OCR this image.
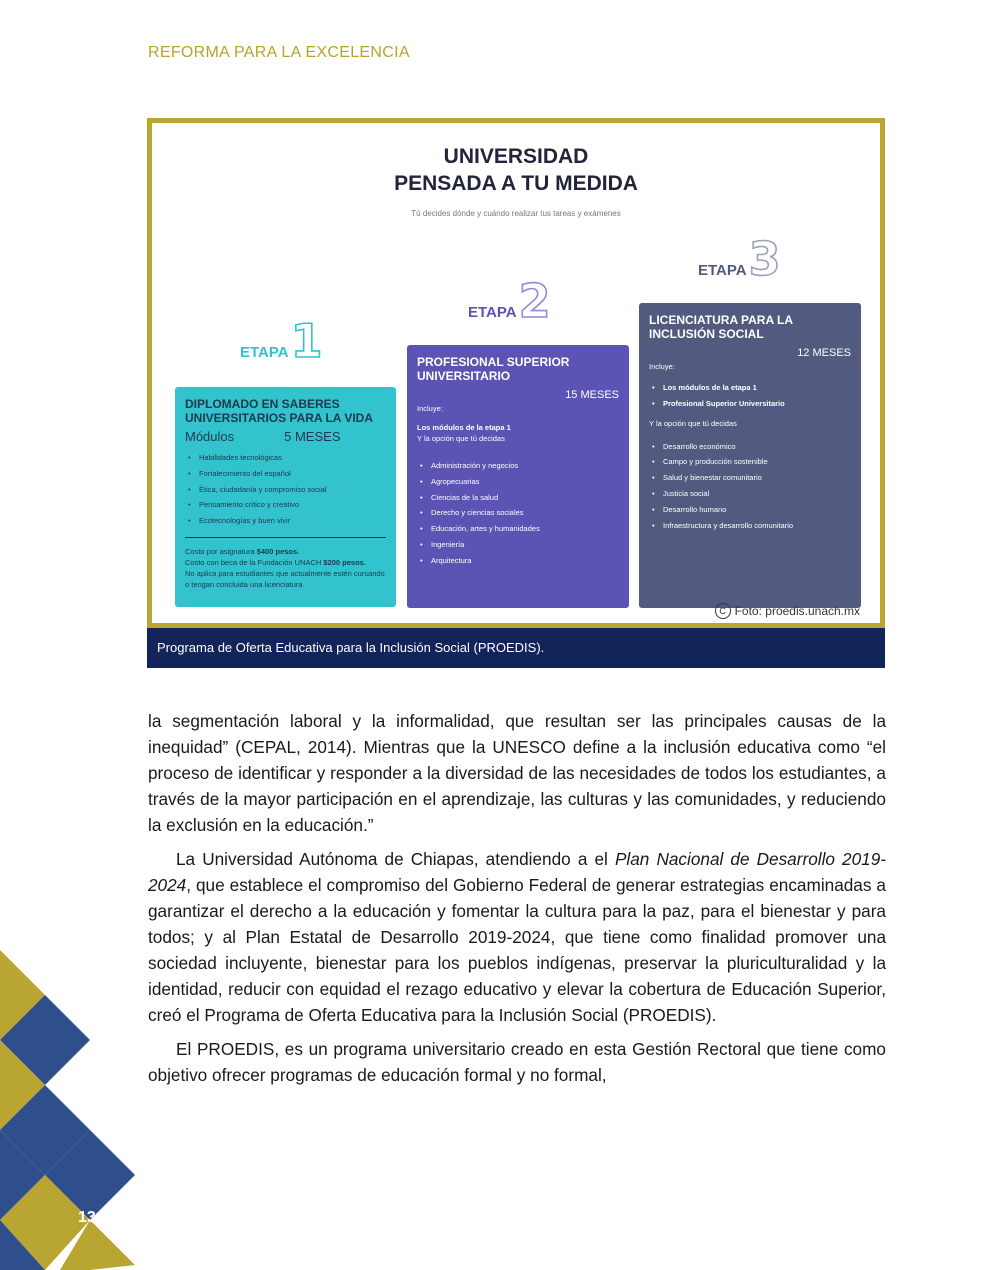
REFORMA PARA LA EXCELENCIA
UNIVERSIDAD
PENSADA A TU MEDIDA
Tú decides dónde y cuándo realizar tus tareas y exámenes
ETAPA 1
ETAPA 2
ETAPA 3
DIPLOMADO EN SABERES
UNIVERSITARIOS PARA LA VIDA
Módulos	5 MESES
• Habilidades tecnológicas
• Fortalecimiento del español
• Ética, ciudadanía y compromiso social
• Pensamiento crítico y creativo
• Ecotecnologías y buen vivir
Costo por asignatura $400 pesos.
Costo con beca de la Fundación UNACH $200 pesos.
No aplica para estudiantes que actualmente estén cursando o tengan concluida una licenciatura
PROFESIONAL SUPERIOR
UNIVERSITARIO
15 MESES
Incluye:
Los módulos de la etapa 1
Y la opción que tú decidas
• Administración y negocios
• Agropecuarias
• Ciencias de la salud
• Derecho y ciencias sociales
• Educación, artes y humanidades
• Ingeniería
• Arquitectura
LICENCIATURA PARA LA
INCLUSIÓN SOCIAL
12 MESES
Incluye:
• Los módulos de la etapa 1
• Profesional Superior Universitario
Y la opción que tú decidas
• Desarrollo económico
• Campo y producción sostenible
• Salud y bienestar comunitario
• Justicia social
• Desarrollo humano
• Infraestructura y desarrollo comunitario
C Foto: proedis.unach.mx
Programa de Oferta Educativa para la Inclusión Social (PROEDIS).

la segmentación laboral y la informalidad, que resultan ser las principales causas de la inequidad” (CEPAL, 2014). Mientras que la UNESCO define a la inclusión educativa como “el proceso de identificar y responder a la diversidad de las necesidades de todos los estudiantes, a través de la mayor participación en el aprendizaje, las culturas y las comunidades, y reduciendo la exclusión en la educación.”

La Universidad Autónoma de Chiapas, atendiendo a el Plan Nacional de Desarrollo 2019-2024, que establece el compromiso del Gobierno Federal de generar estrategias encaminadas a garantizar el derecho a la educación y fomentar la cultura para la paz, para el bienestar y para todos; y al Plan Estatal de Desarrollo 2019-2024, que tiene como finalidad promover una sociedad incluyente, bienestar para los pueblos indígenas, preservar la pluriculturalidad y la identidad, reducir con equidad el rezago educativo y elevar la cobertura de Educación Superior, creó el Programa de Oferta Educativa para la Inclusión Social (PROEDIS).

El PROEDIS, es un programa universitario creado en esta Gestión Rectoral que tiene como objetivo ofrecer programas de educación formal y no formal,

134
